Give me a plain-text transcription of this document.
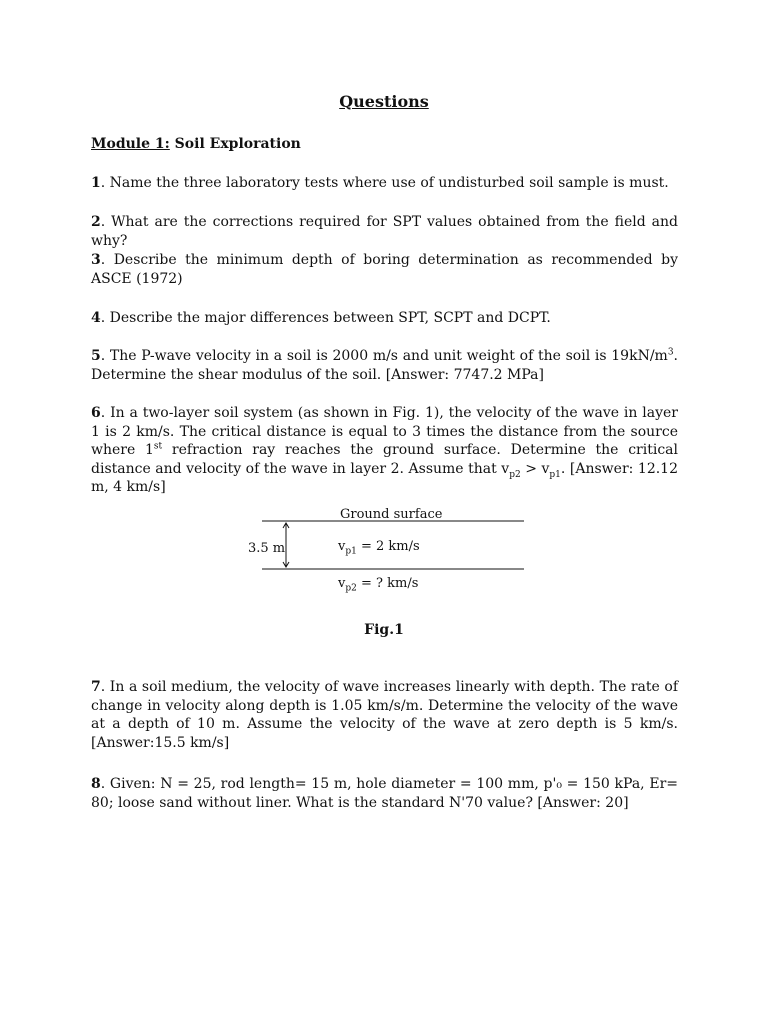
Questions
Module 1: Soil Exploration
1. Name the three laboratory tests where use of undisturbed soil sample is must.
2. What are the corrections required for SPT values obtained from the field and why?
3. Describe the minimum depth of boring determination as recommended by ASCE (1972)
4. Describe the major differences between SPT, SCPT and DCPT.
5. The P-wave velocity in a soil is 2000 m/s and unit weight of the soil is $19kN/m^3$. Determine the shear modulus of the soil. [Answer: 7747.2 MPa]
6. In a two-layer soil system (as shown in Fig. 1), the velocity of the wave in layer 1 is 2 km/s. The critical distance is equal to 3 times the distance from the source where 1st refraction ray reaches the ground surface. Determine the critical distance and velocity of the wave in layer 2. Assume that $v_{p2} > v_{p1}$. [Answer: 12.12 m, 4 km/s]
Ground surface
3.5 m	$v_{p1} = 2$ km/s
$v_{p2}$ = ? km/s
Fig.1
7. In a soil medium, the velocity of wave increases linearly with depth. The rate of change in velocity along depth is 1.05 km/s/m. Determine the velocity of the wave at a depth of 10 m. Assume the velocity of the wave at zero depth is 5 km/s. [Answer:15.5 km/s]
8. Given: N = 25, rod length= 15 m, hole diameter = 100 mm, p'₀ = 150 kPa, Er= 80; loose sand without liner. What is the standard N'70 value? [Answer: 20]
